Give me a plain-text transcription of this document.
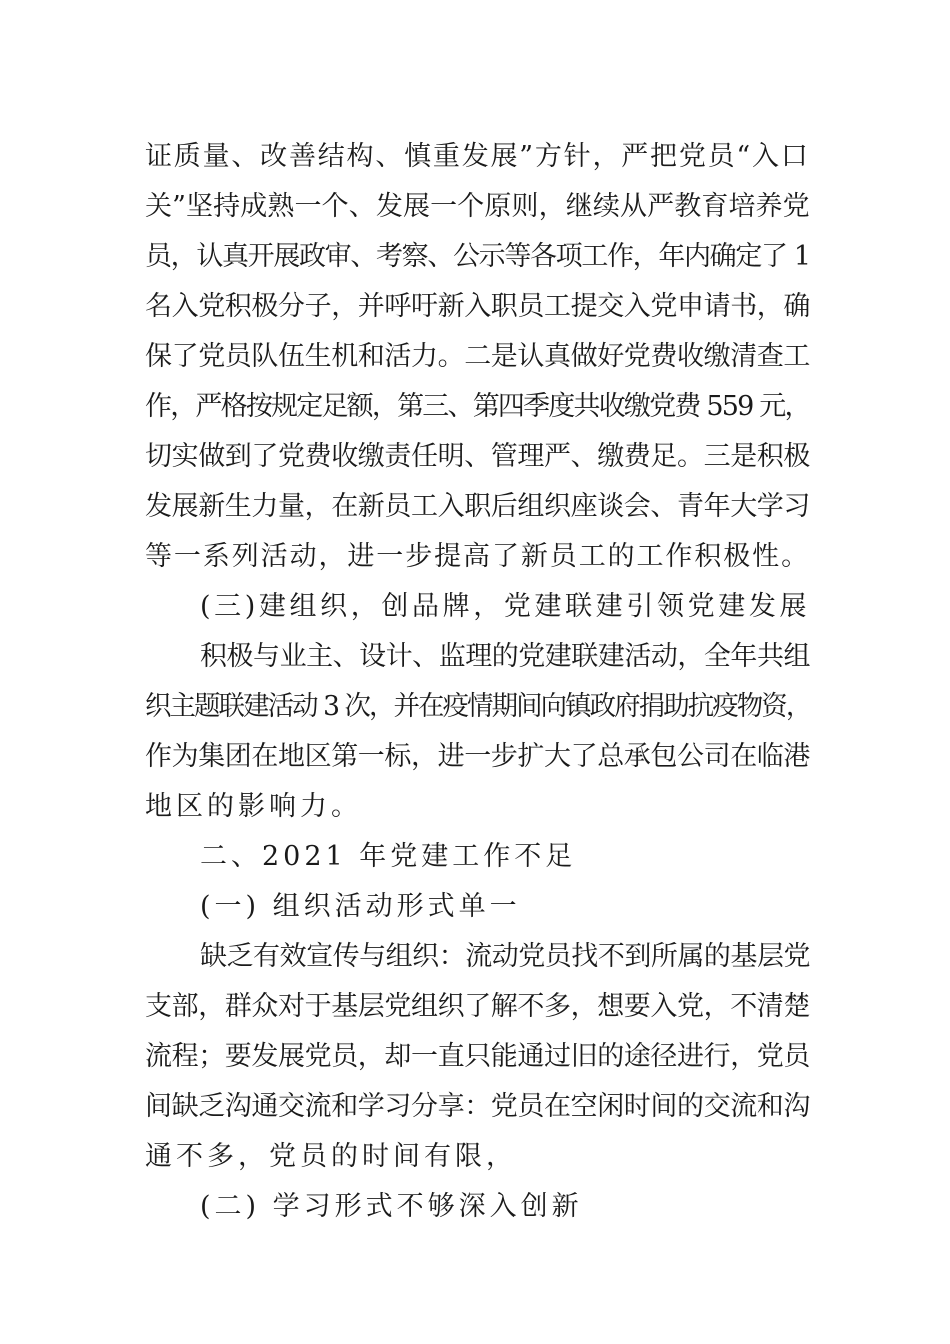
证质量、改善结构、慎重发展”方针，严把党员“入口
关”坚持成熟一个、发展一个原则，继续从严教育培养党
员，认真开展政审、考察、公示等各项工作，年内确定了 1
名入党积极分子，并呼吁新入职员工提交入党申请书，确
保了党员队伍生机和活力。二是认真做好党费收缴清查工
作，严格按规定足额，第三、第四季度共收缴党费 559 元，
切实做到了党费收缴责任明、管理严、缴费足。三是积极
发展新生力量，在新员工入职后组织座谈会、青年大学习
等一系列活动，进一步提高了新员工的工作积极性。
(三)建组织，创品牌，党建联建引领党建发展
积极与业主、设计、监理的党建联建活动，全年共组
织主题联建活动 3 次，并在疫情期间向镇政府捐助抗疫物资，
作为集团在地区第一标，进一步扩大了总承包公司在临港
地区的影响力。
二、2021 年党建工作不足
(一) 组织活动形式单一
缺乏有效宣传与组织：流动党员找不到所属的基层党
支部，群众对于基层党组织了解不多，想要入党，不清楚
流程；要发展党员，却一直只能通过旧的途径进行，党员
间缺乏沟通交流和学习分享：党员在空闲时间的交流和沟
通不多，党员的时间有限，
(二) 学习形式不够深入创新
